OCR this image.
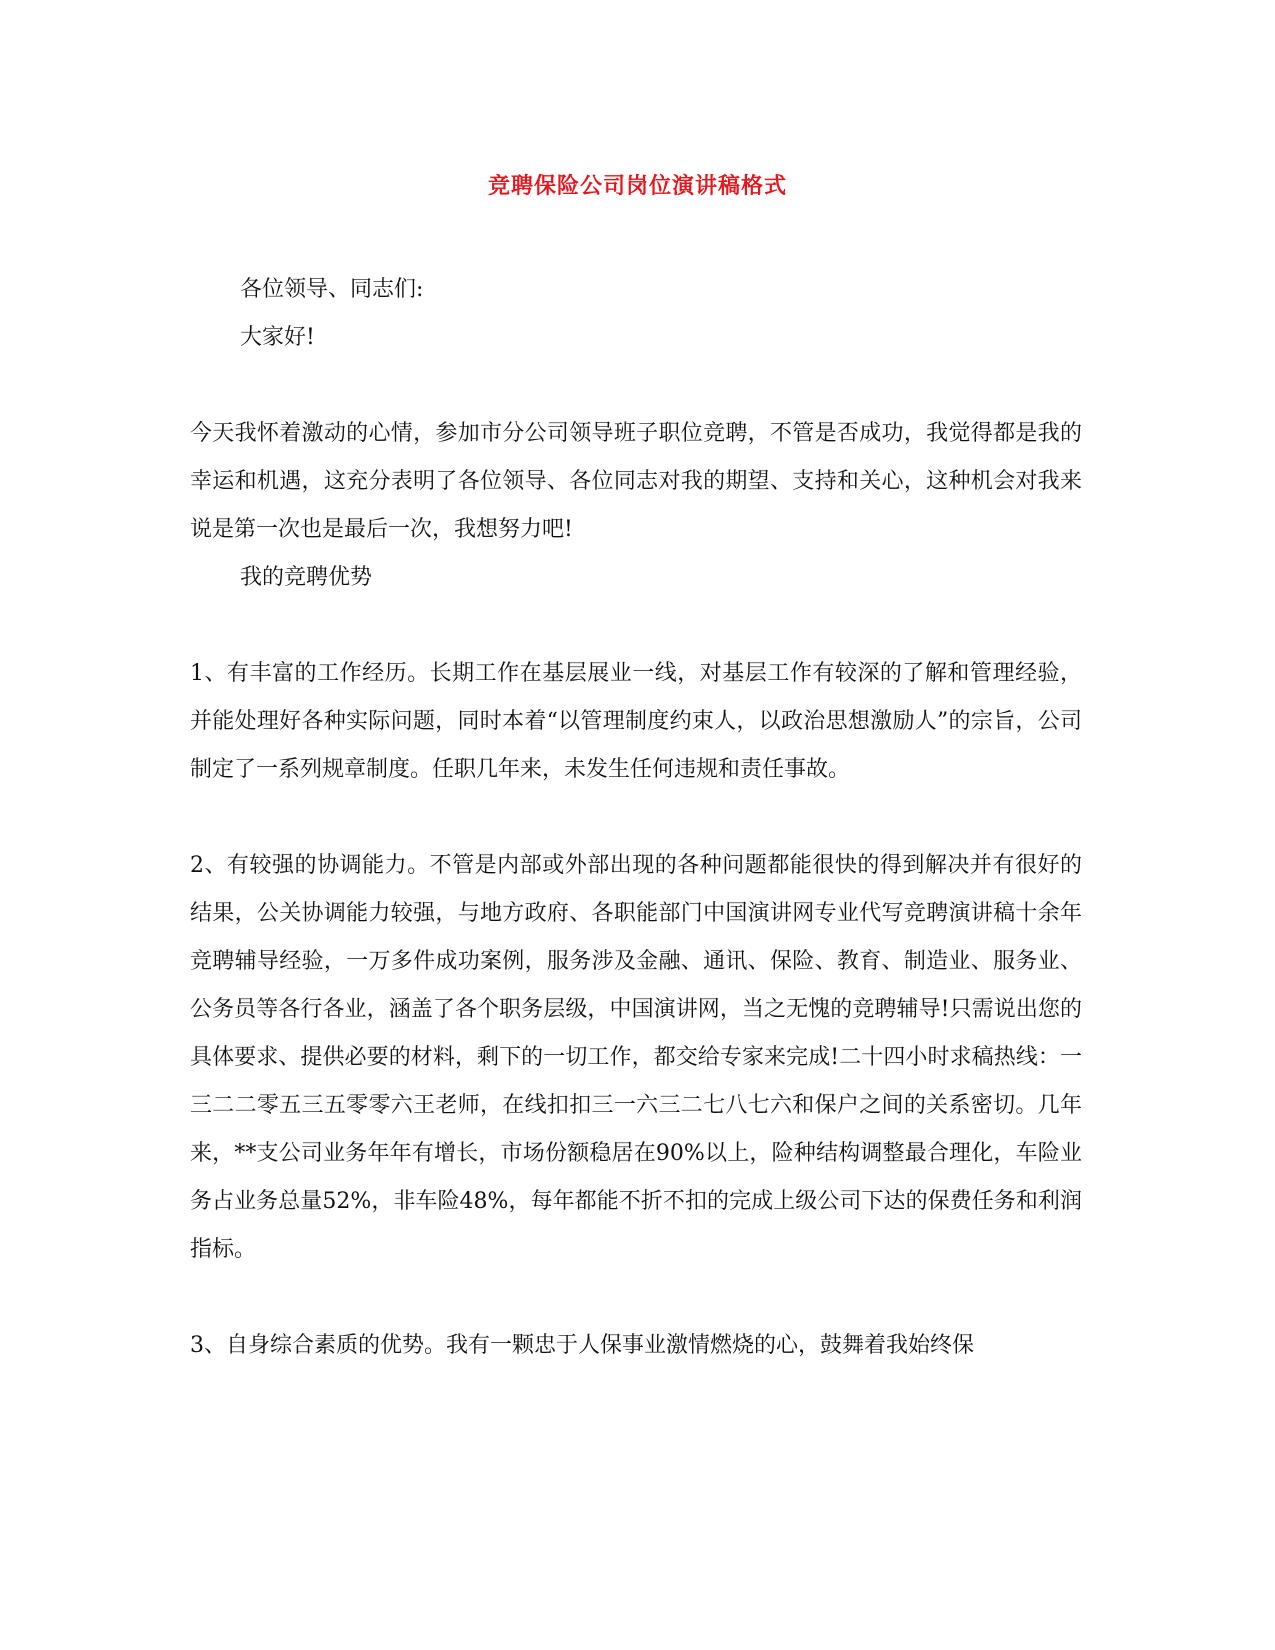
竞聘保险公司岗位演讲稿格式

各位领导、同志们:

大家好!

今天我怀着激动的心情，参加市分公司领导班子职位竞聘，不管是否成功，我觉得都是我的幸运和机遇，这充分表明了各位领导、各位同志对我的期望、支持和关心，这种机会对我来说是第一次也是最后一次，我想努力吧!

我的竞聘优势

1、有丰富的工作经历。长期工作在基层展业一线，对基层工作有较深的了解和管理经验，并能处理好各种实际问题，同时本着“以管理制度约束人，以政治思想激励人”的宗旨，公司制定了一系列规章制度。任职几年来，未发生任何违规和责任事故。

2、有较强的协调能力。不管是内部或外部出现的各种问题都能很快的得到解决并有很好的结果，公关协调能力较强，与地方政府、各职能部门中国演讲网专业代写竞聘演讲稿十余年竞聘辅导经验，一万多件成功案例，服务涉及金融、通讯、保险、教育、制造业、服务业、公务员等各行各业，涵盖了各个职务层级，中国演讲网，当之无愧的竞聘辅导!只需说出您的具体要求、提供必要的材料，剩下的一切工作，都交给专家来完成!二十四小时求稿热线：一三二二零五三五零零六王老师，在线扣扣三一六三二七八七六和保户之间的关系密切。几年来，**支公司业务年年有增长，市场份额稳居在90%以上，险种结构调整最合理化，车险业务占业务总量52%，非车险48%，每年都能不折不扣的完成上级公司下达的保费任务和利润指标。

3、自身综合素质的优势。我有一颗忠于人保事业激情燃烧的心，鼓舞着我始终保
